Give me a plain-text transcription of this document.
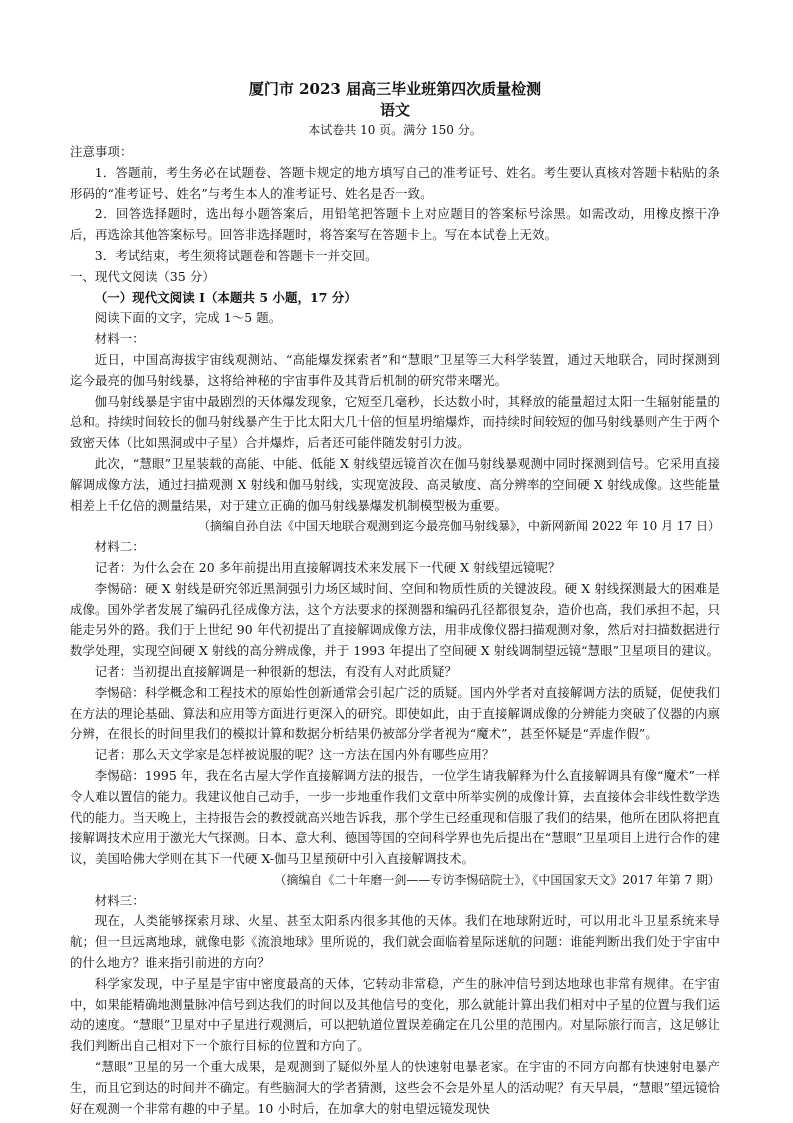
厦门市 2023 届高三毕业班第四次质量检测
语文
本试卷共 10 页。满分 150 分。

注意事项：

1．答题前，考生务必在试题卷、答题卡规定的地方填写自己的准考证号、姓名。考生要认真核对答题卡粘贴的条形码的“准考证号、姓名”与考生本人的准考证号、姓名是否一致。

2．回答选择题时，选出每小题答案后，用铅笔把答题卡上对应题目的答案标号涂黑。如需改动，用橡皮擦干净后，再选涂其他答案标号。回答非选择题时，将答案写在答题卡上。写在本试卷上无效。

3．考试结束，考生须将试题卷和答题卡一并交回。

一、现代文阅读（35 分）

（一）现代文阅读 I（本题共 5 小题，17 分）

阅读下面的文字，完成 1～5 题。

材料一：

近日，中国高海拔宇宙线观测站、“高能爆发探索者”和“慧眼”卫星等三大科学装置，通过天地联合，同时探测到迄今最亮的伽马射线暴，这将给神秘的宇宙事件及其背后机制的研究带来曙光。

伽马射线暴是宇宙中最剧烈的天体爆发现象，它短至几毫秒，长达数小时，其释放的能量超过太阳一生辐射能量的总和。持续时间较长的伽马射线暴产生于比太阳大几十倍的恒星坍缩爆炸，而持续时间较短的伽马射线暴则产生于两个致密天体（比如黑洞或中子星）合并爆炸，后者还可能伴随发射引力波。

此次，“慧眼”卫星装载的高能、中能、低能 X 射线望远镜首次在伽马射线暴观测中同时探测到信号。它采用直接解调成像方法，通过扫描观测 X 射线和伽马射线，实现宽波段、高灵敏度、高分辨率的空间硬 X 射线成像。这些能量相差上千亿倍的测量结果，对于建立正确的伽马射线暴爆发机制模型极为重要。

（摘编自孙自法《中国天地联合观测到迄今最亮伽马射线暴》，中新网新闻 2022 年 10 月 17 日）

材料二：

记者：为什么会在 20 多年前提出用直接解调技术来发展下一代硬 X 射线望远镜呢？

李惕碚：硬 X 射线是研究邻近黑洞强引力场区域时间、空间和物质性质的关键波段。硬 X 射线探测最大的困难是成像。国外学者发展了编码孔径成像方法，这个方法要求的探测器和编码孔径都很复杂，造价也高，我们承担不起，只能走另外的路。我们于上世纪 90 年代初提出了直接解调成像方法，用非成像仪器扫描观测对象，然后对扫描数据进行数学处理，实现空间硬 X 射线的高分辨成像，并于 1993 年提出了空间硬 X 射线调制望远镜“慧眼”卫星项目的建议。

记者：当初提出直接解调是一种很新的想法，有没有人对此质疑？

李惕碚：科学概念和工程技术的原始性创新通常会引起广泛的质疑。国内外学者对直接解调方法的质疑，促使我们在方法的理论基础、算法和应用等方面进行更深入的研究。即使如此，由于直接解调成像的分辨能力突破了仪器的内禀分辨，在很长的时间里我们的模拟计算和数据分析结果仍被部分学者视为“魔术”，甚至怀疑是“弄虚作假”。

记者：那么天文学家是怎样被说服的呢？这一方法在国内外有哪些应用？

李惕碚：1995 年，我在名古屋大学作直接解调方法的报告，一位学生请我解释为什么直接解调具有像“魔术”一样令人难以置信的能力。我建议他自己动手，一步一步地重作我们文章中所举实例的成像计算，去直接体会非线性数学迭代的能力。当天晚上，主持报告会的教授就高兴地告诉我，那个学生已经重现和信服了我们的结果，他所在团队将把直接解调技术应用于激光大气探测。日本、意大利、德国等国的空间科学界也先后提出在“慧眼”卫星项目上进行合作的建议，美国哈佛大学则在其下一代硬 X-伽马卫星预研中引入直接解调技术。

（摘编自《二十年磨一剑——专访李惕碚院士》，《中国国家天文》2017 年第 7 期）

材料三：

现在，人类能够探索月球、火星、甚至太阳系内很多其他的天体。我们在地球附近时，可以用北斗卫星系统来导航；但一旦远离地球，就像电影《流浪地球》里所说的，我们就会面临着星际迷航的问题：谁能判断出我们处于宇宙中的什么地方？谁来指引前进的方向？

科学家发现，中子星是宇宙中密度最高的天体，它转动非常稳，产生的脉冲信号到达地球也非常有规律。在宇宙中，如果能精确地测量脉冲信号到达我们的时间以及其他信号的变化，那么就能计算出我们相对中子星的位置与我们运动的速度。“慧眼”卫星对中子星进行观测后，可以把轨道位置误差确定在几公里的范围内。对星际旅行而言，这足够让我们判断出自己相对下一个旅行目标的位置和方向了。

“慧眼”卫星的另一个重大成果，是观测到了疑似外星人的快速射电暴老家。在宇宙的不同方向都有快速射电暴产生，而且它到达的时间并不确定。有些脑洞大的学者猜测，这些会不会是外星人的活动呢？有天早晨，“慧眼”望远镜恰好在观测一个非常有趣的中子星。10 小时后，在加拿大的射电望远镜发现快
